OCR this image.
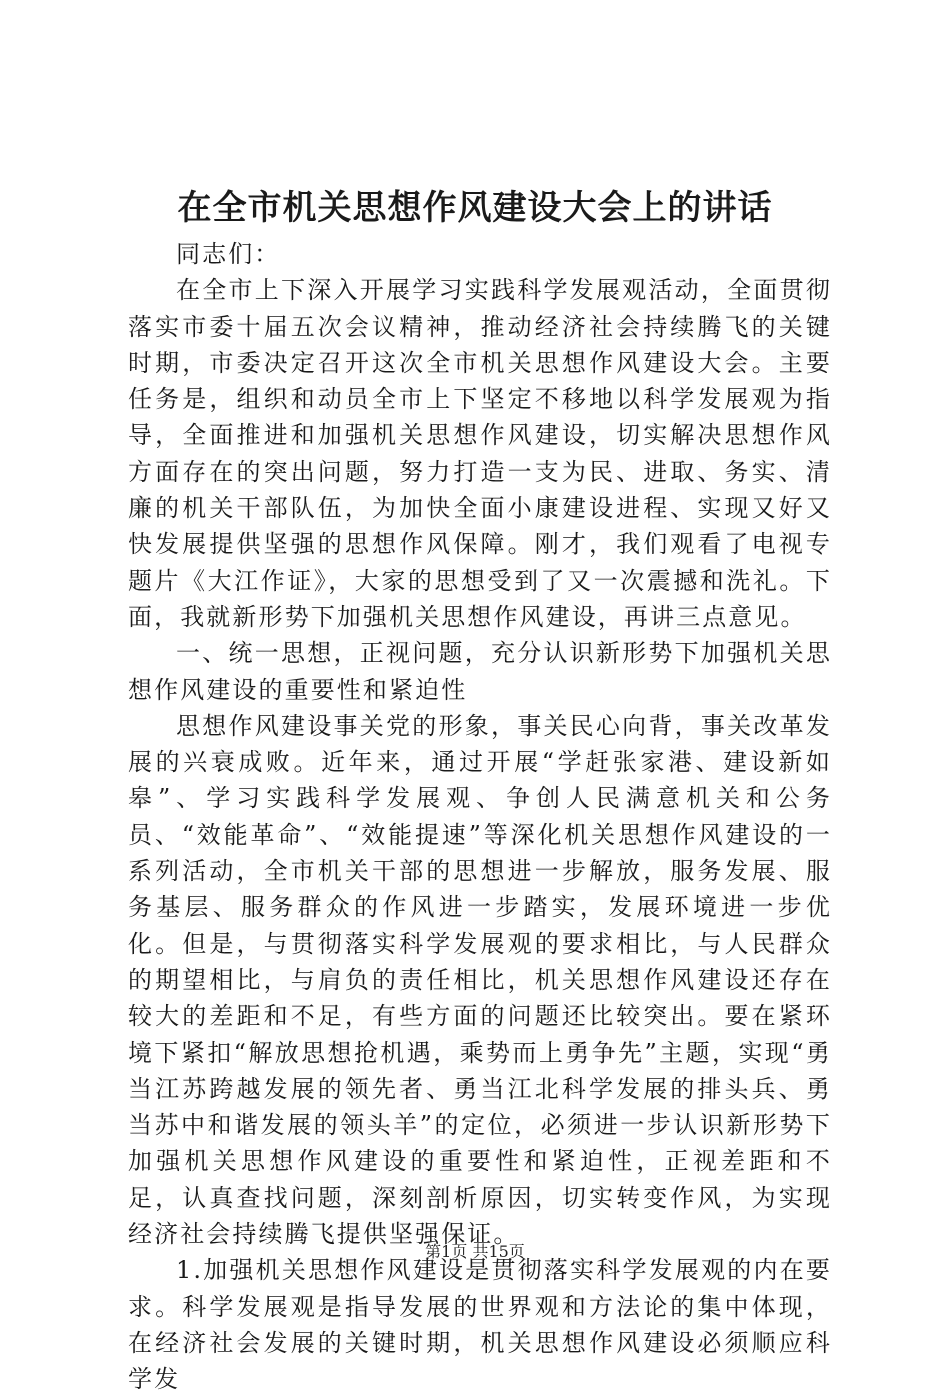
在全市机关思想作风建设大会上的讲话

同志们：

在全市上下深入开展学习实践科学发展观活动，全面贯彻落实市委十届五次会议精神，推动经济社会持续腾飞的关键时期，市委决定召开这次全市机关思想作风建设大会。主要任务是，组织和动员全市上下坚定不移地以科学发展观为指导，全面推进和加强机关思想作风建设，切实解决思想作风方面存在的突出问题，努力打造一支为民、进取、务实、清廉的机关干部队伍，为加快全面小康建设进程、实现又好又快发展提供坚强的思想作风保障。刚才，我们观看了电视专题片《大江作证》，大家的思想受到了又一次震撼和洗礼。下面，我就新形势下加强机关思想作风建设，再讲三点意见。

一、统一思想，正视问题，充分认识新形势下加强机关思想作风建设的重要性和紧迫性

思想作风建设事关党的形象，事关民心向背，事关改革发展的兴衰成败。近年来，通过开展“学赶张家港、建设新如皋”、学习实践科学发展观、争创人民满意机关和公务员、“效能革命”、“效能提速”等深化机关思想作风建设的一系列活动，全市机关干部的思想进一步解放，服务发展、服务基层、服务群众的作风进一步踏实，发展环境进一步优化。但是，与贯彻落实科学发展观的要求相比，与人民群众的期望相比，与肩负的责任相比，机关思想作风建设还存在较大的差距和不足，有些方面的问题还比较突出。要在紧环境下紧扣“解放思想抢机遇，乘势而上勇争先”主题，实现“勇当江苏跨越发展的领先者、勇当江北科学发展的排头兵、勇当苏中和谐发展的领头羊”的定位，必须进一步认识新形势下加强机关思想作风建设的重要性和紧迫性，正视差距和不足，认真查找问题，深刻剖析原因，切实转变作风，为实现经济社会持续腾飞提供坚强保证。

1.加强机关思想作风建设是贯彻落实科学发展观的内在要求。科学发展观是指导发展的世界观和方法论的集中体现，在经济社会发展的关键时期，机关思想作风建设必须顺应科学发

第1页 共15页
